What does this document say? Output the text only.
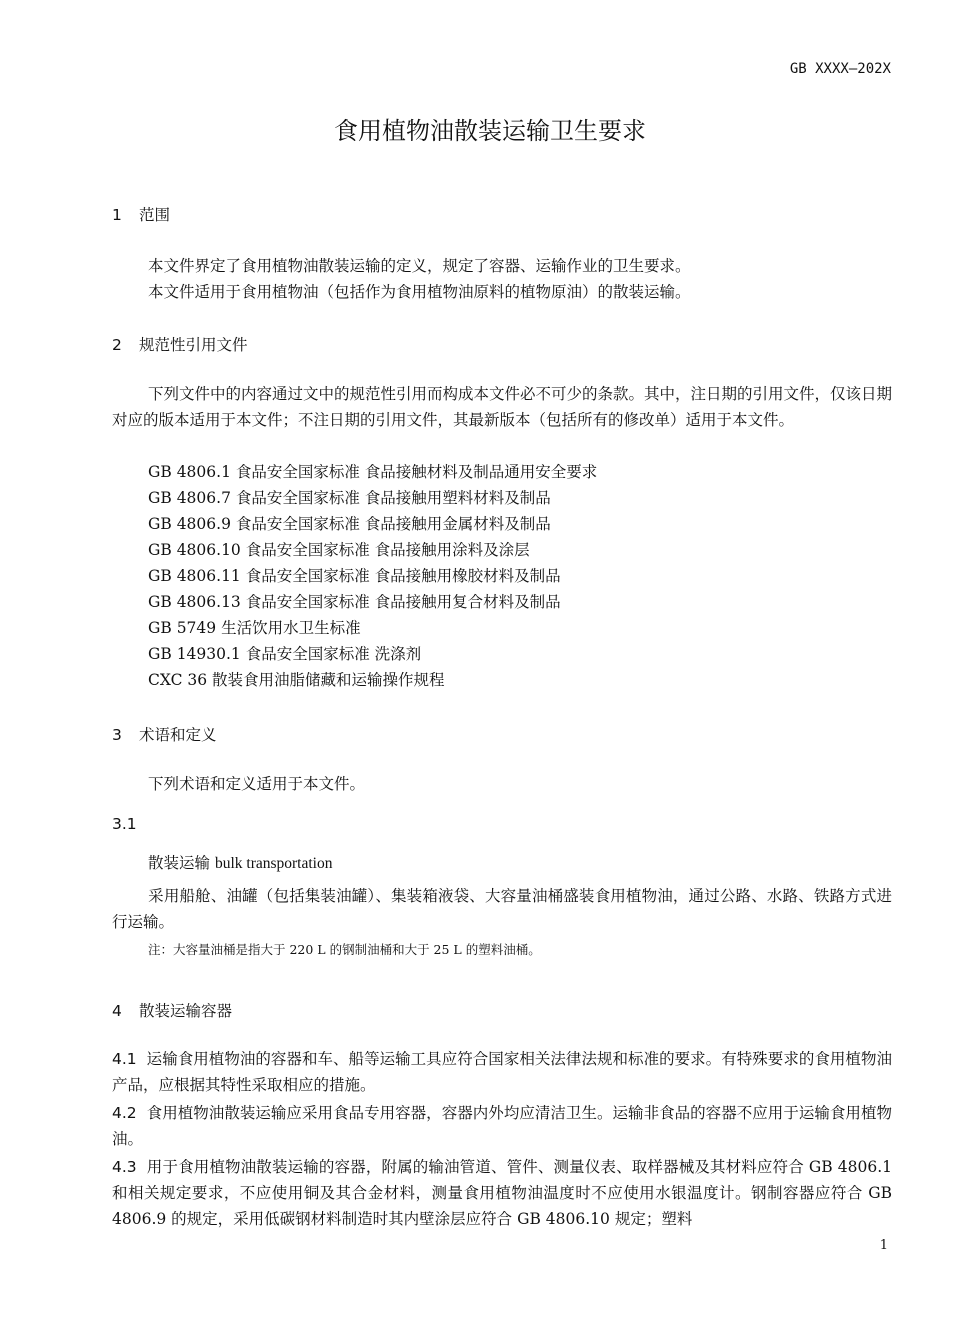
GB XXXX—202X
食用植物油散装运输卫生要求
1 范围
本文件界定了食用植物油散装运输的定义，规定了容器、运输作业的卫生要求。
本文件适用于食用植物油（包括作为食用植物油原料的植物原油）的散装运输。
2 规范性引用文件
下列文件中的内容通过文中的规范性引用而构成本文件必不可少的条款。其中，注日期的引用文件，仅该日期对应的版本适用于本文件；不注日期的引用文件，其最新版本（包括所有的修改单）适用于本文件。
GB 4806.1 食品安全国家标准 食品接触材料及制品通用安全要求
GB 4806.7 食品安全国家标准 食品接触用塑料材料及制品
GB 4806.9 食品安全国家标准 食品接触用金属材料及制品
GB 4806.10 食品安全国家标准 食品接触用涂料及涂层
GB 4806.11 食品安全国家标准 食品接触用橡胶材料及制品
GB 4806.13 食品安全国家标准 食品接触用复合材料及制品
GB 5749 生活饮用水卫生标准
GB 14930.1 食品安全国家标准 洗涤剂
CXC 36 散装食用油脂储藏和运输操作规程
3 术语和定义
下列术语和定义适用于本文件。
3.1
散装运输 bulk transportation
采用船舱、油罐（包括集装油罐）、集装箱液袋、大容量油桶盛装食用植物油，通过公路、水路、铁路方式进行运输。
注：大容量油桶是指大于 220 L 的钢制油桶和大于 25 L 的塑料油桶。
4 散装运输容器
4.1 运输食用植物油的容器和车、船等运输工具应符合国家相关法律法规和标准的要求。有特殊要求的食用植物油产品，应根据其特性采取相应的措施。
4.2 食用植物油散装运输应采用食品专用容器，容器内外均应清洁卫生。运输非食品的容器不应用于运输食用植物油。
4.3 用于食用植物油散装运输的容器，附属的输油管道、管件、测量仪表、取样器械及其材料应符合 GB 4806.1 和相关规定要求，不应使用铜及其合金材料，测量食用植物油温度时不应使用水银温度计。钢制容器应符合 GB 4806.9 的规定，采用低碳钢材料制造时其内壁涂层应符合 GB 4806.10 规定；塑料
1
